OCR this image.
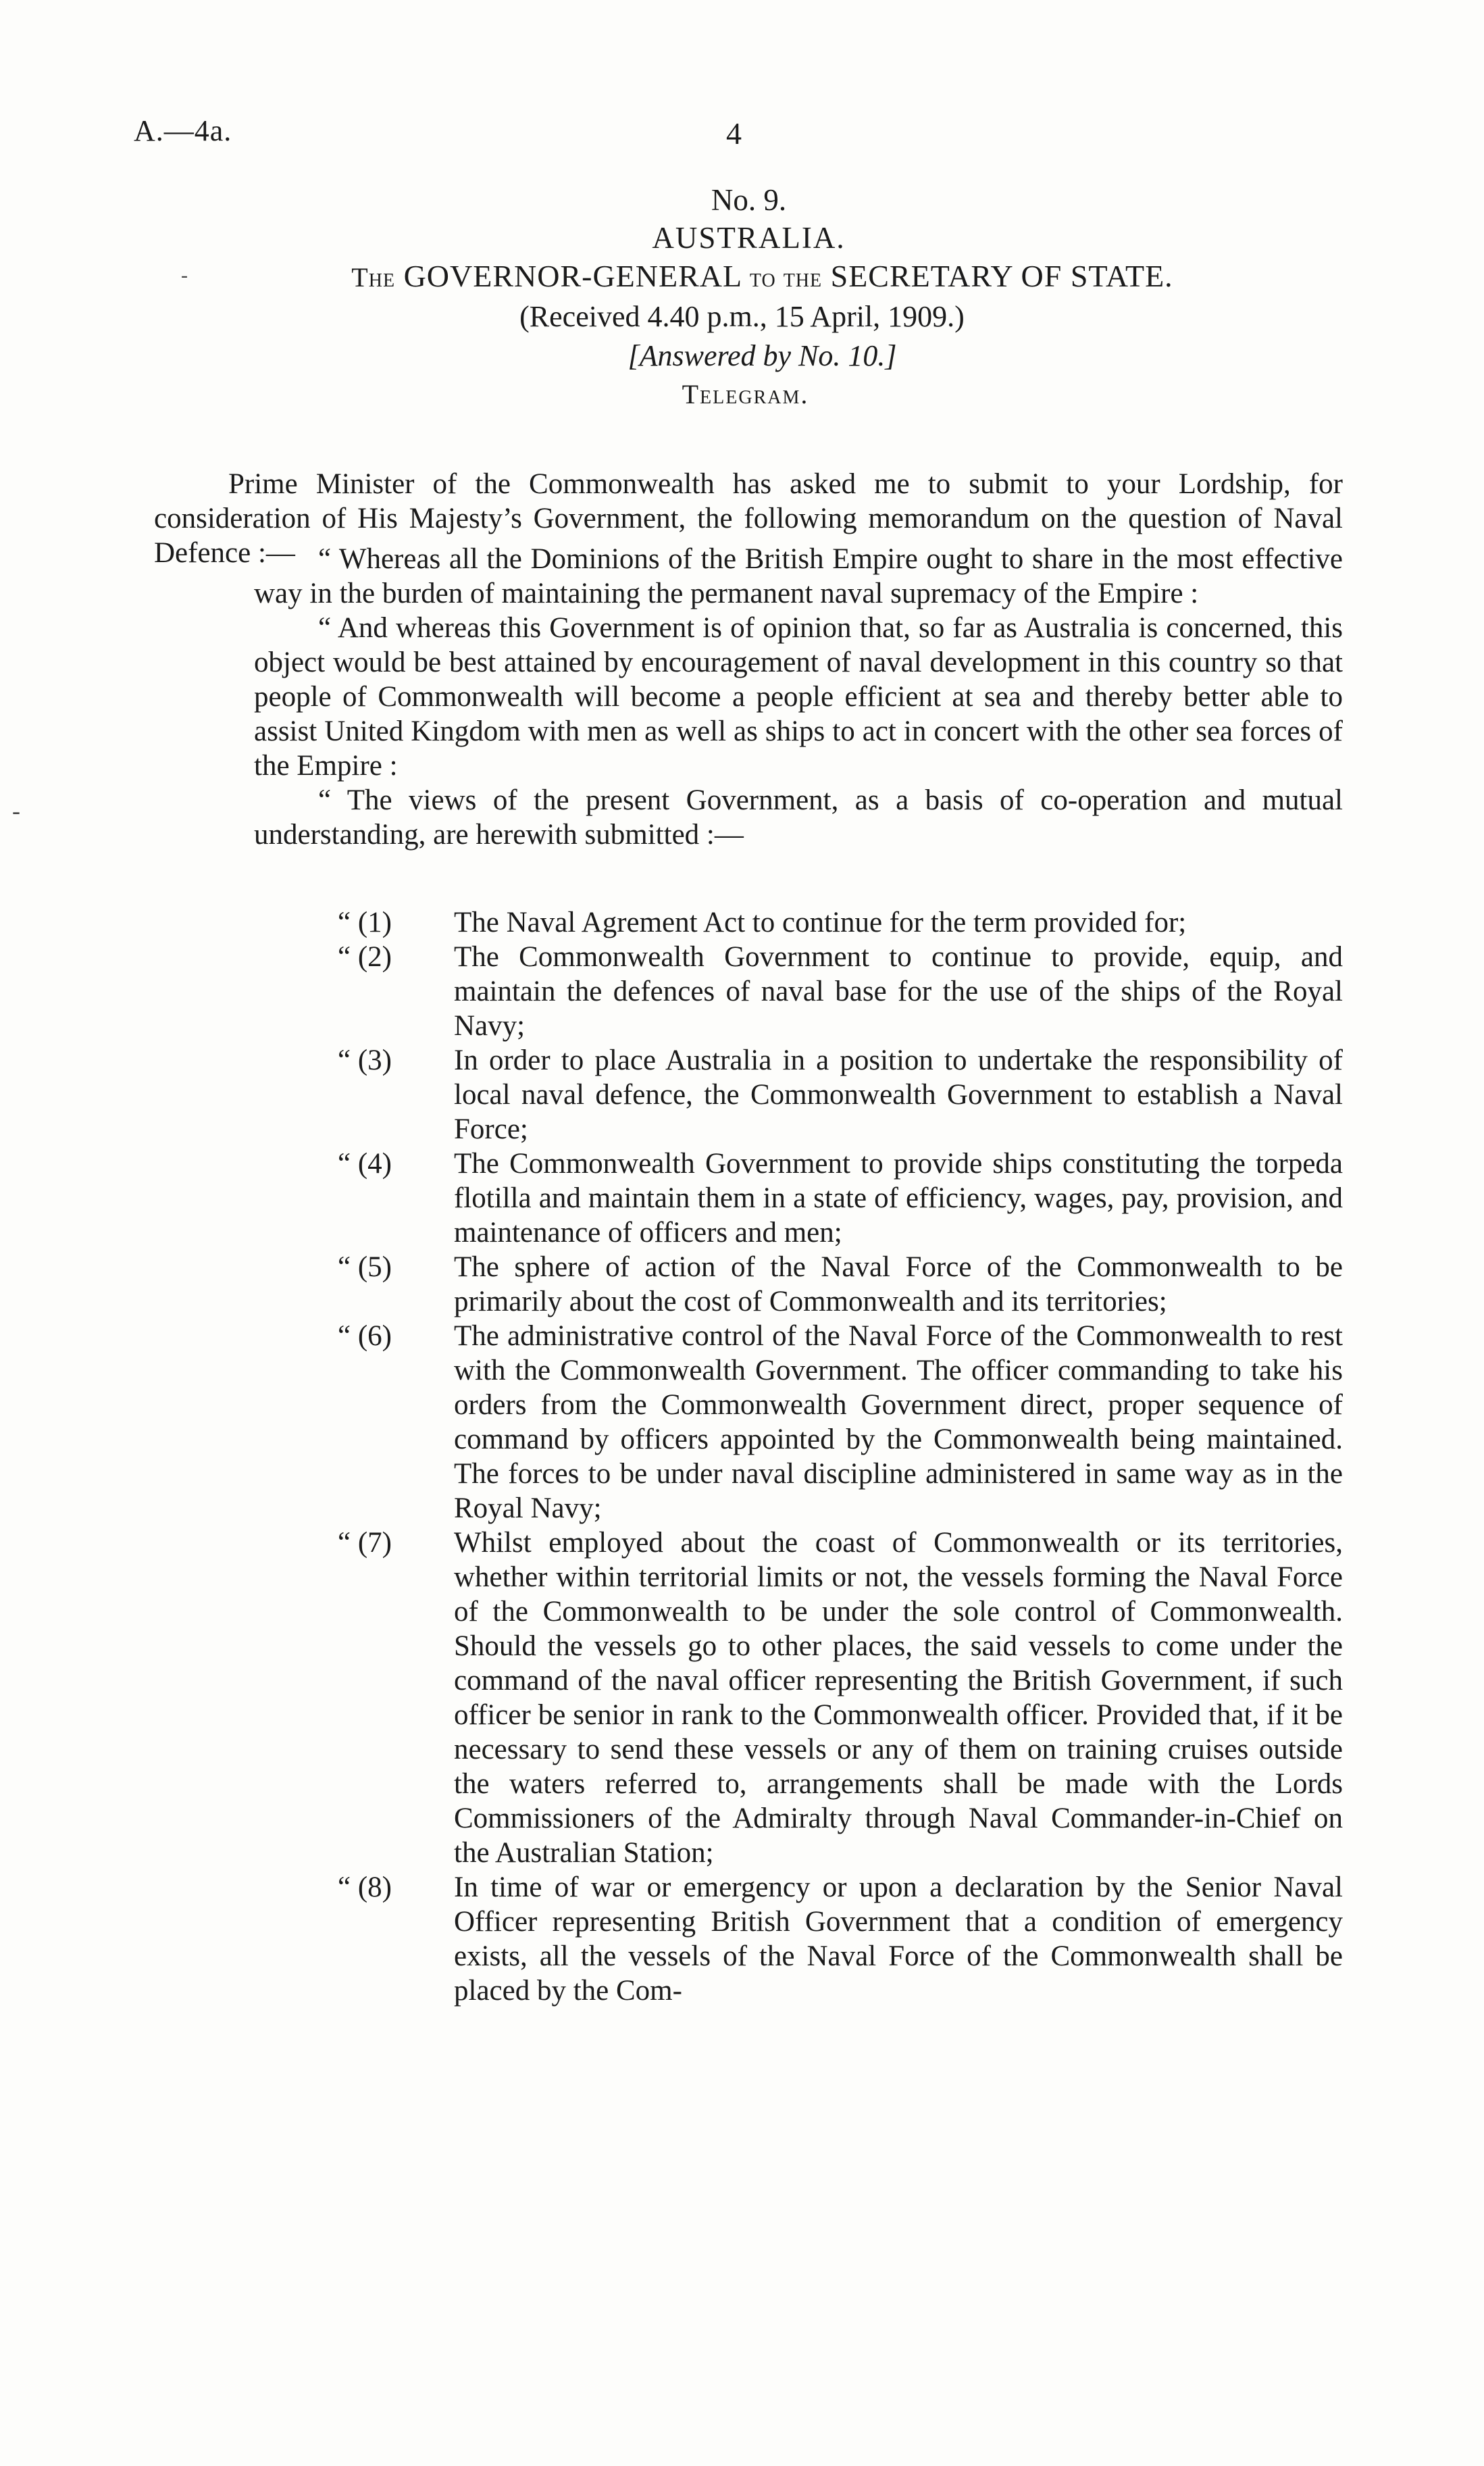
A.—4a.	4
No. 9.
AUSTRALIA.
The GOVERNOR-GENERAL to the SECRETARY OF STATE.
(Received 4.40 p.m., 15 April, 1909.)
[Answered by No. 10.]
Telegram.

Prime Minister of the Commonwealth has asked me to submit to your Lordship, for consideration of His Majesty’s Government, the following memorandum on the question of Naval Defence :— “ Whereas all the Dominions of the British Empire ought to share in the most effective way in the burden of maintaining the permanent naval supremacy of the Empire :

“ And whereas this Government is of opinion that, so far as Australia is concerned, this object would be best attained by encouragement of naval development in this country so that people of Commonwealth will become a people efficient at sea and thereby better able to assist United Kingdom with men as well as ships to act in concert with the other sea forces of the Empire :

“ The views of the present Government, as a basis of co-operation and mutual understanding, are herewith submitted :—

“ (1)	The Naval Agrement Act to continue for the term provided for;
“ (2)	The Commonwealth Government to continue to provide, equip, and maintain the defences of naval base for the use of the ships of the Royal Navy;
“ (3)	In order to place Australia in a position to undertake the responsibility of local naval defence, the Commonwealth Government to establish a Naval Force;
“ (4)	The Commonwealth Government to provide ships constituting the torpeda flotilla and maintain them in a state of efficiency, wages, pay, provision, and maintenance of officers and men;
“ (5)	The sphere of action of the Naval Force of the Commonwealth to be primarily about the cost of Commonwealth and its territories;
“ (6)	The administrative control of the Naval Force of the Commonwealth to rest with the Commonwealth Government. The officer commanding to take his orders from the Commonwealth Government direct, proper sequence of command by officers appointed by the Commonwealth being maintained. The forces to be under naval discipline administered in same way as in the Royal Navy;
“ (7)	Whilst employed about the coast of Commonwealth or its territories, whether within territorial limits or not, the vessels forming the Naval Force of the Commonwealth to be under the sole control of Commonwealth. Should the vessels go to other places, the said vessels to come under the command of the naval officer representing the British Government, if such officer be senior in rank to the Commonwealth officer. Provided that, if it be necessary to send these vessels or any of them on training cruises outside the waters referred to, arrangements shall be made with the Lords Commissioners of the Admiralty through Naval Commander-in-Chief on the Australian Station;
“ (8)	In time of war or emergency or upon a declaration by the Senior Naval Officer representing British Government that a condition of emergency exists, all the vessels of the Naval Force of the Commonwealth shall be placed by the Com-
-
-
